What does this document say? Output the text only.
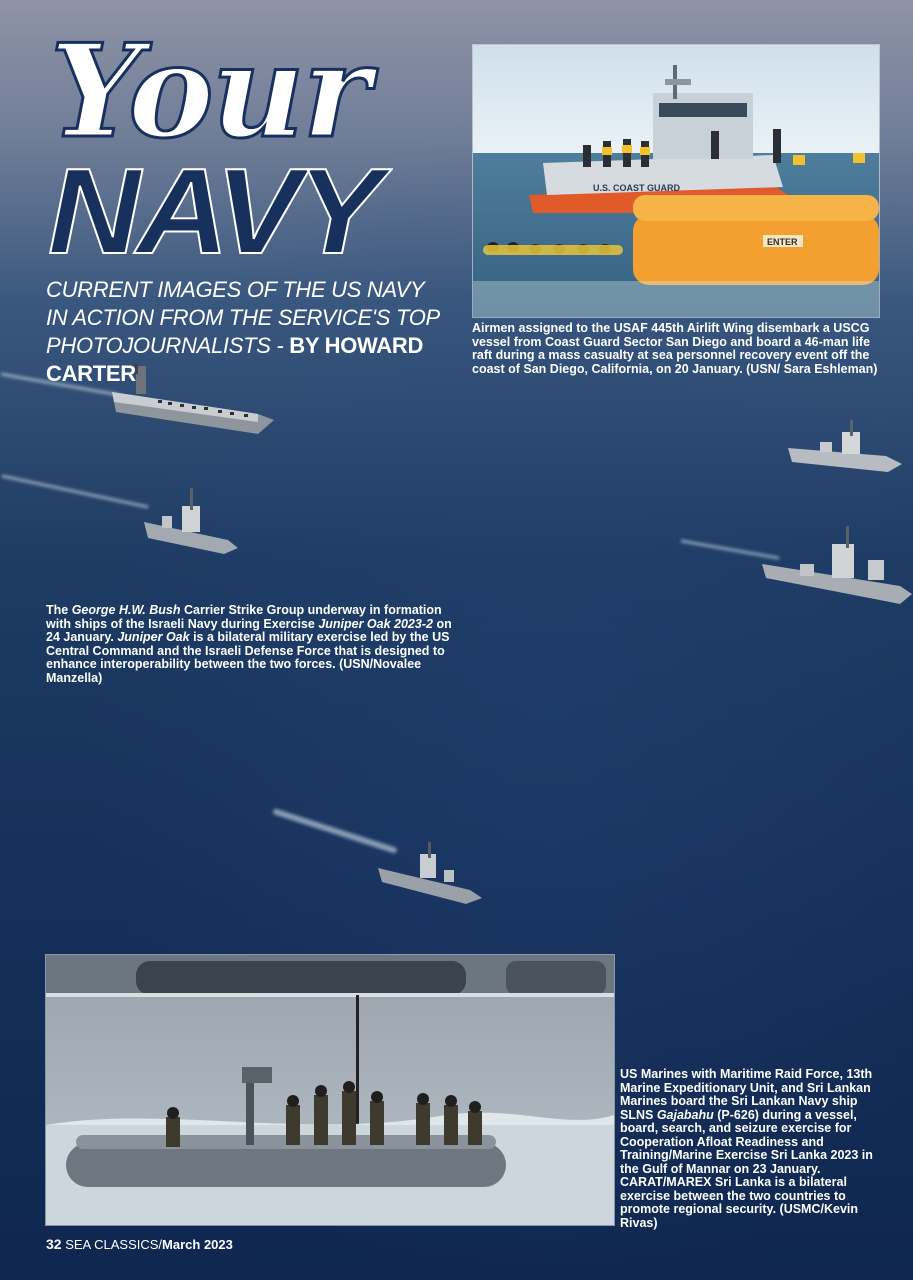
Your
NAVY
CURRENT IMAGES OF THE US NAVY
IN ACTION FROM THE SERVICE'S TOP
PHOTOJOURNALISTS - BY HOWARD CARTER
U.S. COAST GUARD
ENTER
Airmen assigned to the USAF 445th Airlift Wing disembark a USCG vessel from Coast Guard Sector San Diego and board a 46-man life raft during a mass casualty at sea personnel recovery event off the coast of San Diego, California, on 20 January. (USN/ Sara Eshleman)
The George H.W. Bush Carrier Strike Group underway in formation with ships of the Israeli Navy during Exercise Juniper Oak 2023-2 on 24 January. Juniper Oak is a bilateral military exercise led by the US Central Command and the Israeli Defense Force that is designed to enhance interoperability between the two forces. (USN/Novalee Manzella)
US Marines with Maritime Raid Force, 13th Marine Expeditionary Unit, and Sri Lankan Marines board the Sri Lankan Navy ship SLNS Gajabahu (P-626) during a vessel, board, search, and seizure exercise for Cooperation Afloat Readiness and Training/Marine Exercise Sri Lanka 2023 in the Gulf of Mannar on 23 January. CARAT/MAREX Sri Lanka is a bilateral exercise between the two countries to promote regional security. (USMC/Kevin Rivas)
32 SEA CLASSICS/March 2023
